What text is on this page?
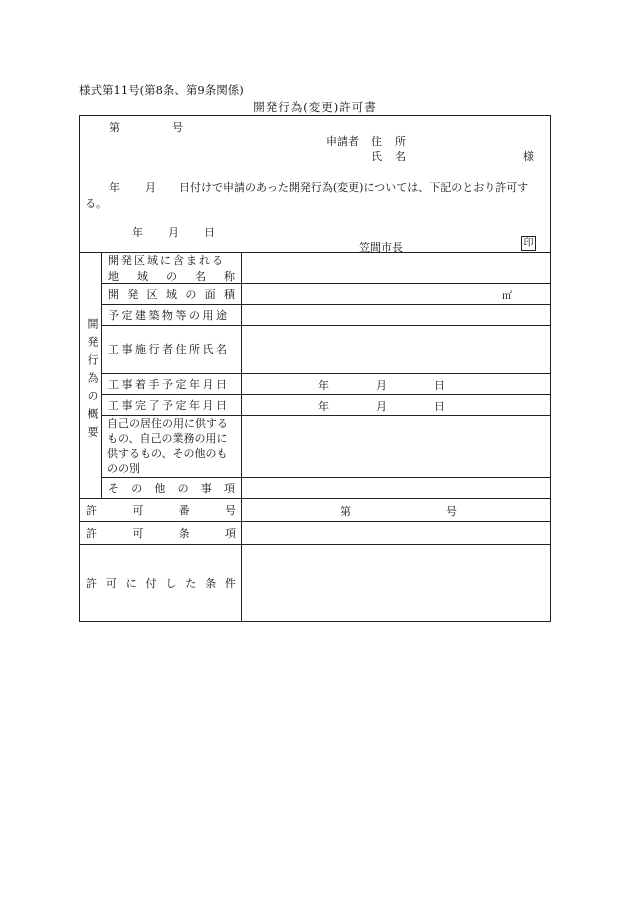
様式第11号(第8条、第9条関係)
開発行為(変更)許可書
第	号
申請者 住 所
氏 名	様
年 月 日付けで申請のあった開発行為(変更)については、下記のとおり許可す
る。
年 月 日
笠間市長	印
開発行為の概要
開発区域に含まれる
地 域 の 名 称
開 発 区 域 の 面 積	㎡
予定建築物等の用途
工事施行者住所氏名
工事着手予定年月日	年	月	日
工事完了予定年月日	年	月	日
自己の居住の用に供する
もの、自己の業務の用に
供するもの、その他のも
のの別
そ の 他 の 事 項
許	可	番	号	第	号
許	可	条	項
許 可 に 付 し た 条 件
